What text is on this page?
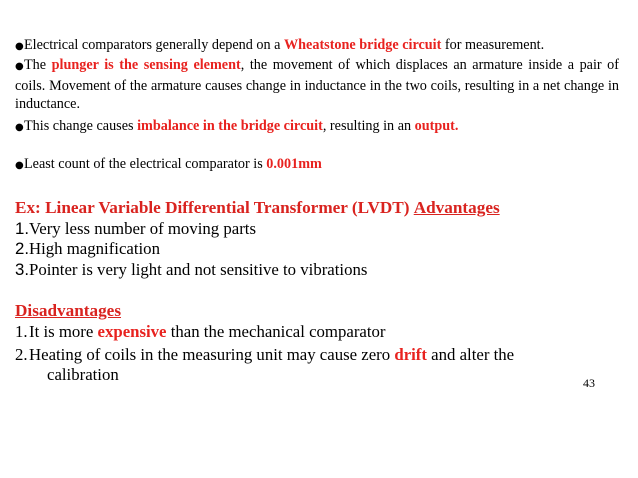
●Electrical comparators generally depend on a Wheatstone bridge circuit for measurement.
●The plunger is the sensing element, the movement of which displaces an armature inside a pair of coils. Movement of the armature causes change in inductance in the two coils, resulting in a net change in inductance.
●This change causes imbalance in the bridge circuit, resulting in an output.
●Least count of the electrical comparator is 0.001mm
Ex: Linear Variable Differential Transformer (LVDT) Advantages
1.Very less number of moving parts
2.High magnification
3.Pointer is very light and not sensitive to vibrations
Disadvantages
1.It is more expensive than the mechanical comparator
2.Heating of coils in the measuring unit may cause zero drift and alter the
calibration	43
